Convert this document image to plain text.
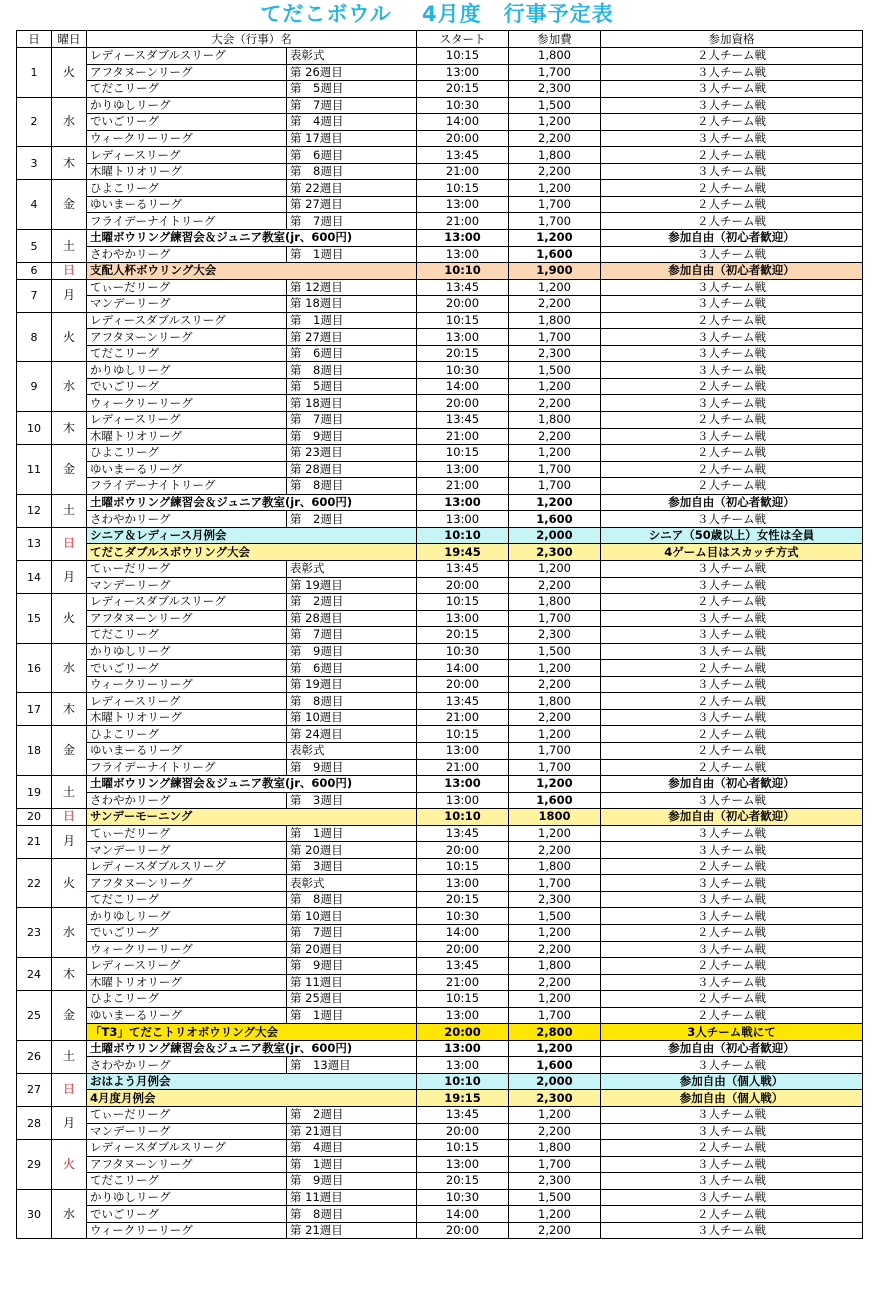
てだこボウル　 4月度　行事予定表
日	曜日	大会（行事）名		スタート	参加費	参加資格
1	火	レディースダブルスリーグ	表彰式	10:15	1,800	２人チーム戦
		アフタヌーンリーグ	第 26週目	13:00	1,700	３人チーム戦
		てだこリーグ	第　5週目	20:15	2,300	３人チーム戦
2	水	かりゆしリーグ	第　7週目	10:30	1,500	３人チーム戦
		でいごリーグ	第　4週目	14:00	1,200	２人チーム戦
		ウィークリーリーグ	第 17週目	20:00	2,200	３人チーム戦
3	木	レディースリーグ	第　6週目	13:45	1,800	２人チーム戦
		木曜トリオリーグ	第　8週目	21:00	2,200	３人チーム戦
4	金	ひよこリーグ	第 22週目	10:15	1,200	２人チーム戦
		ゆいまーるリーグ	第 27週目	13:00	1,700	２人チーム戦
		フライデーナイトリーグ	第　7週目	21:00	1,700	２人チーム戦
5	土	土曜ボウリング練習会＆ジュニア教室(jr、600円)		13:00	1,200	参加自由（初心者歓迎）
		さわやかリーグ	第　1週目	13:00	1,600	３人チーム戦
6	日	支配人杯ボウリング大会		10:10	1,900	参加自由（初心者歓迎）
7	月	てぃーだリーグ	第 12週目	13:45	1,200	３人チーム戦
		マンデーリーグ	第 18週目	20:00	2,200	３人チーム戦
8	火	レディースダブルスリーグ	第　1週目	10:15	1,800	２人チーム戦
		アフタヌーンリーグ	第 27週目	13:00	1,700	３人チーム戦
		てだこリーグ	第　6週目	20:15	2,300	３人チーム戦
9	水	かりゆしリーグ	第　8週目	10:30	1,500	３人チーム戦
		でいごリーグ	第　5週目	14:00	1,200	２人チーム戦
		ウィークリーリーグ	第 18週目	20:00	2,200	３人チーム戦
10	木	レディースリーグ	第　7週目	13:45	1,800	２人チーム戦
		木曜トリオリーグ	第　9週目	21:00	2,200	３人チーム戦
11	金	ひよこリーグ	第 23週目	10:15	1,200	２人チーム戦
		ゆいまーるリーグ	第 28週目	13:00	1,700	２人チーム戦
		フライデーナイトリーグ	第　8週目	21:00	1,700	２人チーム戦
12	土	土曜ボウリング練習会＆ジュニア教室(jr、600円)		13:00	1,200	参加自由（初心者歓迎）
		さわやかリーグ	第　2週目	13:00	1,600	３人チーム戦
13	日	シニア＆レディース月例会		10:10	2,000	シニア（50歳以上）女性は全員
		てだこダブルスボウリング大会		19:45	2,300	4ゲーム目はスカッチ方式
14	月	てぃーだリーグ	表彰式	13:45	1,200	３人チーム戦
		マンデーリーグ	第 19週目	20:00	2,200	３人チーム戦
15	火	レディースダブルスリーグ	第　2週目	10:15	1,800	２人チーム戦
		アフタヌーンリーグ	第 28週目	13:00	1,700	３人チーム戦
		てだこリーグ	第　7週目	20:15	2,300	３人チーム戦
16	水	かりゆしリーグ	第　9週目	10:30	1,500	３人チーム戦
		でいごリーグ	第　6週目	14:00	1,200	２人チーム戦
		ウィークリーリーグ	第 19週目	20:00	2,200	３人チーム戦
17	木	レディースリーグ	第　8週目	13:45	1,800	２人チーム戦
		木曜トリオリーグ	第 10週目	21:00	2,200	３人チーム戦
18	金	ひよこリーグ	第 24週目	10:15	1,200	２人チーム戦
		ゆいまーるリーグ	表彰式	13:00	1,700	２人チーム戦
		フライデーナイトリーグ	第　9週目	21:00	1,700	２人チーム戦
19	土	土曜ボウリング練習会＆ジュニア教室(jr、600円)		13:00	1,200	参加自由（初心者歓迎）
		さわやかリーグ	第　3週目	13:00	1,600	３人チーム戦
20	日	サンデーモーニング		10:10	1800	参加自由（初心者歓迎）
21	月	てぃーだリーグ	第　1週目	13:45	1,200	３人チーム戦
		マンデーリーグ	第 20週目	20:00	2,200	３人チーム戦
22	火	レディースダブルスリーグ	第　3週目	10:15	1,800	２人チーム戦
		アフタヌーンリーグ	表彰式	13:00	1,700	３人チーム戦
		てだこリーグ	第　8週目	20:15	2,300	３人チーム戦
23	水	かりゆしリーグ	第 10週目	10:30	1,500	３人チーム戦
		でいごリーグ	第　7週目	14:00	1,200	２人チーム戦
		ウィークリーリーグ	第 20週目	20:00	2,200	３人チーム戦
24	木	レディースリーグ	第　9週目	13:45	1,800	２人チーム戦
		木曜トリオリーグ	第 11週目	21:00	2,200	３人チーム戦
25	金	ひよこリーグ	第 25週目	10:15	1,200	２人チーム戦
		ゆいまーるリーグ	第　1週目	13:00	1,700	２人チーム戦
		「T3」てだこトリオボウリング大会		20:00	2,800	3人チーム戦にて
26	土	土曜ボウリング練習会＆ジュニア教室(jr、600円)		13:00	1,200	参加自由（初心者歓迎）
		さわやかリーグ	第　13週目	13:00	1,600	３人チーム戦
27	日	おはよう月例会		10:10	2,000	参加自由（個人戦）
		4月度月例会		19:15	2,300	参加自由（個人戦）
28	月	てぃーだリーグ	第　2週目	13:45	1,200	３人チーム戦
		マンデーリーグ	第 21週目	20:00	2,200	３人チーム戦
29	火	レディースダブルスリーグ	第　4週目	10:15	1,800	２人チーム戦
		アフタヌーンリーグ	第　1週目	13:00	1,700	３人チーム戦
		てだこリーグ	第　9週目	20:15	2,300	３人チーム戦
30	水	かりゆしリーグ	第 11週目	10:30	1,500	３人チーム戦
		でいごリーグ	第　8週目	14:00	1,200	２人チーム戦
		ウィークリーリーグ	第 21週目	20:00	2,200	３人チーム戦
